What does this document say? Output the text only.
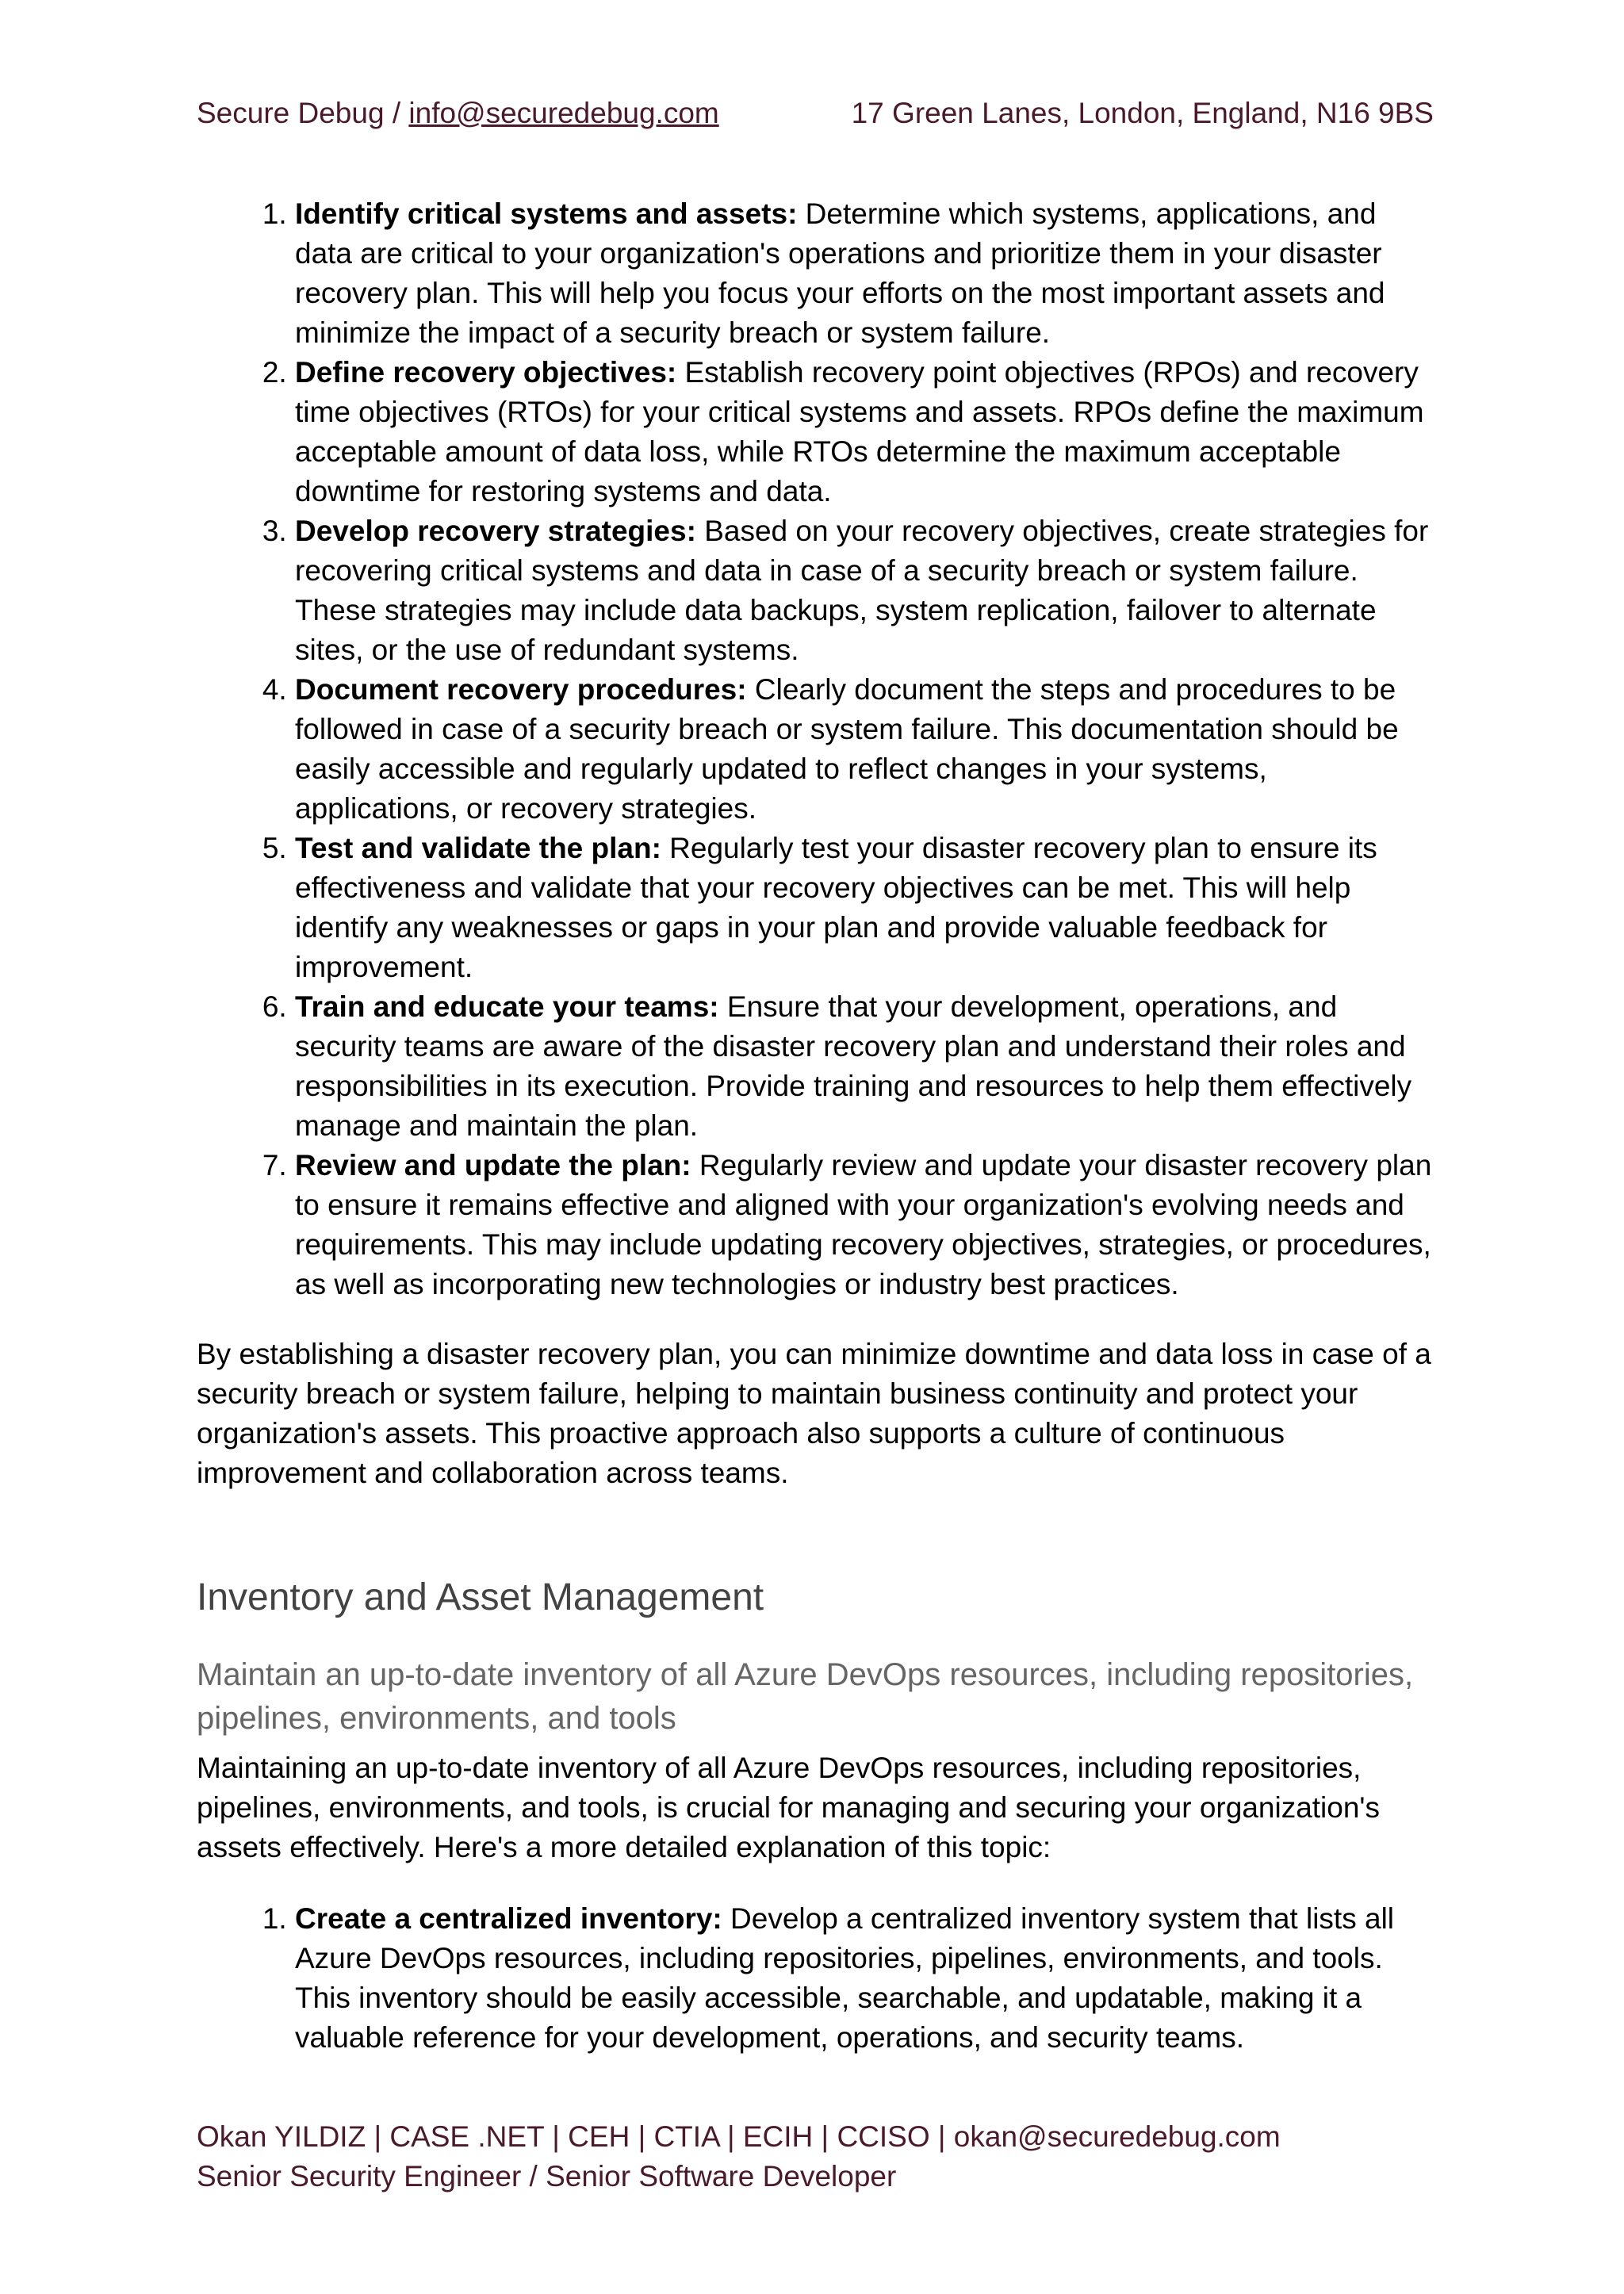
Secure Debug / info@securedebug.com	17 Green Lanes, London, England, N16 9BS
1. Identify critical systems and assets: Determine which systems, applications, and data are critical to your organization's operations and prioritize them in your disaster recovery plan. This will help you focus your efforts on the most important assets and minimize the impact of a security breach or system failure.
2. Define recovery objectives: Establish recovery point objectives (RPOs) and recovery time objectives (RTOs) for your critical systems and assets. RPOs define the maximum acceptable amount of data loss, while RTOs determine the maximum acceptable downtime for restoring systems and data.
3. Develop recovery strategies: Based on your recovery objectives, create strategies for recovering critical systems and data in case of a security breach or system failure. These strategies may include data backups, system replication, failover to alternate sites, or the use of redundant systems.
4. Document recovery procedures: Clearly document the steps and procedures to be followed in case of a security breach or system failure. This documentation should be easily accessible and regularly updated to reflect changes in your systems, applications, or recovery strategies.
5. Test and validate the plan: Regularly test your disaster recovery plan to ensure its effectiveness and validate that your recovery objectives can be met. This will help identify any weaknesses or gaps in your plan and provide valuable feedback for improvement.
6. Train and educate your teams: Ensure that your development, operations, and security teams are aware of the disaster recovery plan and understand their roles and responsibilities in its execution. Provide training and resources to help them effectively manage and maintain the plan.
7. Review and update the plan: Regularly review and update your disaster recovery plan to ensure it remains effective and aligned with your organization's evolving needs and requirements. This may include updating recovery objectives, strategies, or procedures, as well as incorporating new technologies or industry best practices.

By establishing a disaster recovery plan, you can minimize downtime and data loss in case of a security breach or system failure, helping to maintain business continuity and protect your organization's assets. This proactive approach also supports a culture of continuous improvement and collaboration across teams.

Inventory and Asset Management
Maintain an up-to-date inventory of all Azure DevOps resources, including repositories, pipelines, environments, and tools

Maintaining an up-to-date inventory of all Azure DevOps resources, including repositories, pipelines, environments, and tools, is crucial for managing and securing your organization's assets effectively. Here's a more detailed explanation of this topic:

1. Create a centralized inventory: Develop a centralized inventory system that lists all Azure DevOps resources, including repositories, pipelines, environments, and tools. This inventory should be easily accessible, searchable, and updatable, making it a valuable reference for your development, operations, and security teams.
Okan YILDIZ | CASE .NET | CEH | CTIA | ECIH | CCISO | okan@securedebug.com
Senior Security Engineer / Senior Software Developer
